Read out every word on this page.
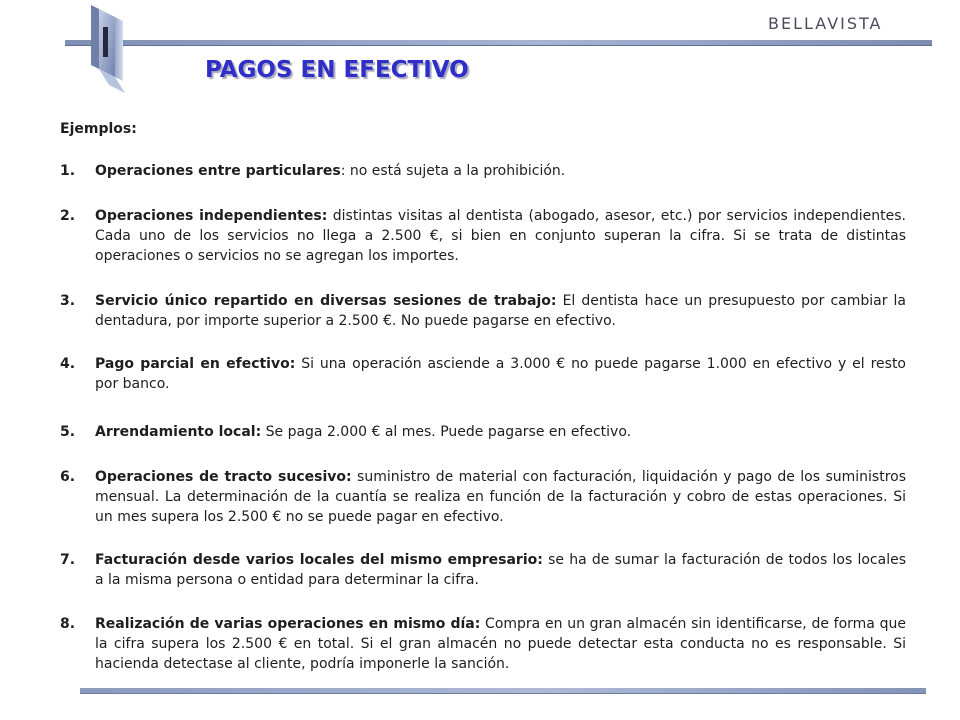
BELLAVISTA
PAGOS EN EFECTIVO
Ejemplos:
1. Operaciones entre particulares: no está sujeta a la prohibición.
2. Operaciones independientes: distintas visitas al dentista (abogado, asesor, etc.) por servicios independientes. Cada uno de los servicios no llega a 2.500 €, si bien en conjunto superan la cifra. Si se trata de distintas operaciones o servicios no se agregan los importes.
3. Servicio único repartido en diversas sesiones de trabajo: El dentista hace un presupuesto por cambiar la dentadura, por importe superior a 2.500 €. No puede pagarse en efectivo.
4. Pago parcial en efectivo: Si una operación asciende a 3.000 € no puede pagarse 1.000 en efectivo y el resto por banco.
5. Arrendamiento local: Se paga 2.000 € al mes. Puede pagarse en efectivo.
6. Operaciones de tracto sucesivo: suministro de material con facturación, liquidación y pago de los suministros mensual. La determinación de la cuantía se realiza en función de la facturación y cobro de estas operaciones. Si un mes supera los 2.500 € no se puede pagar en efectivo.
7. Facturación desde varios locales del mismo empresario: se ha de sumar la facturación de todos los locales a la misma persona o entidad para determinar la cifra.
8. Realización de varias operaciones en mismo día: Compra en un gran almacén sin identificarse, de forma que la cifra supera los 2.500 € en total. Si el gran almacén no puede detectar esta conducta no es responsable. Si hacienda detectase al cliente, podría imponerle la sanción.
